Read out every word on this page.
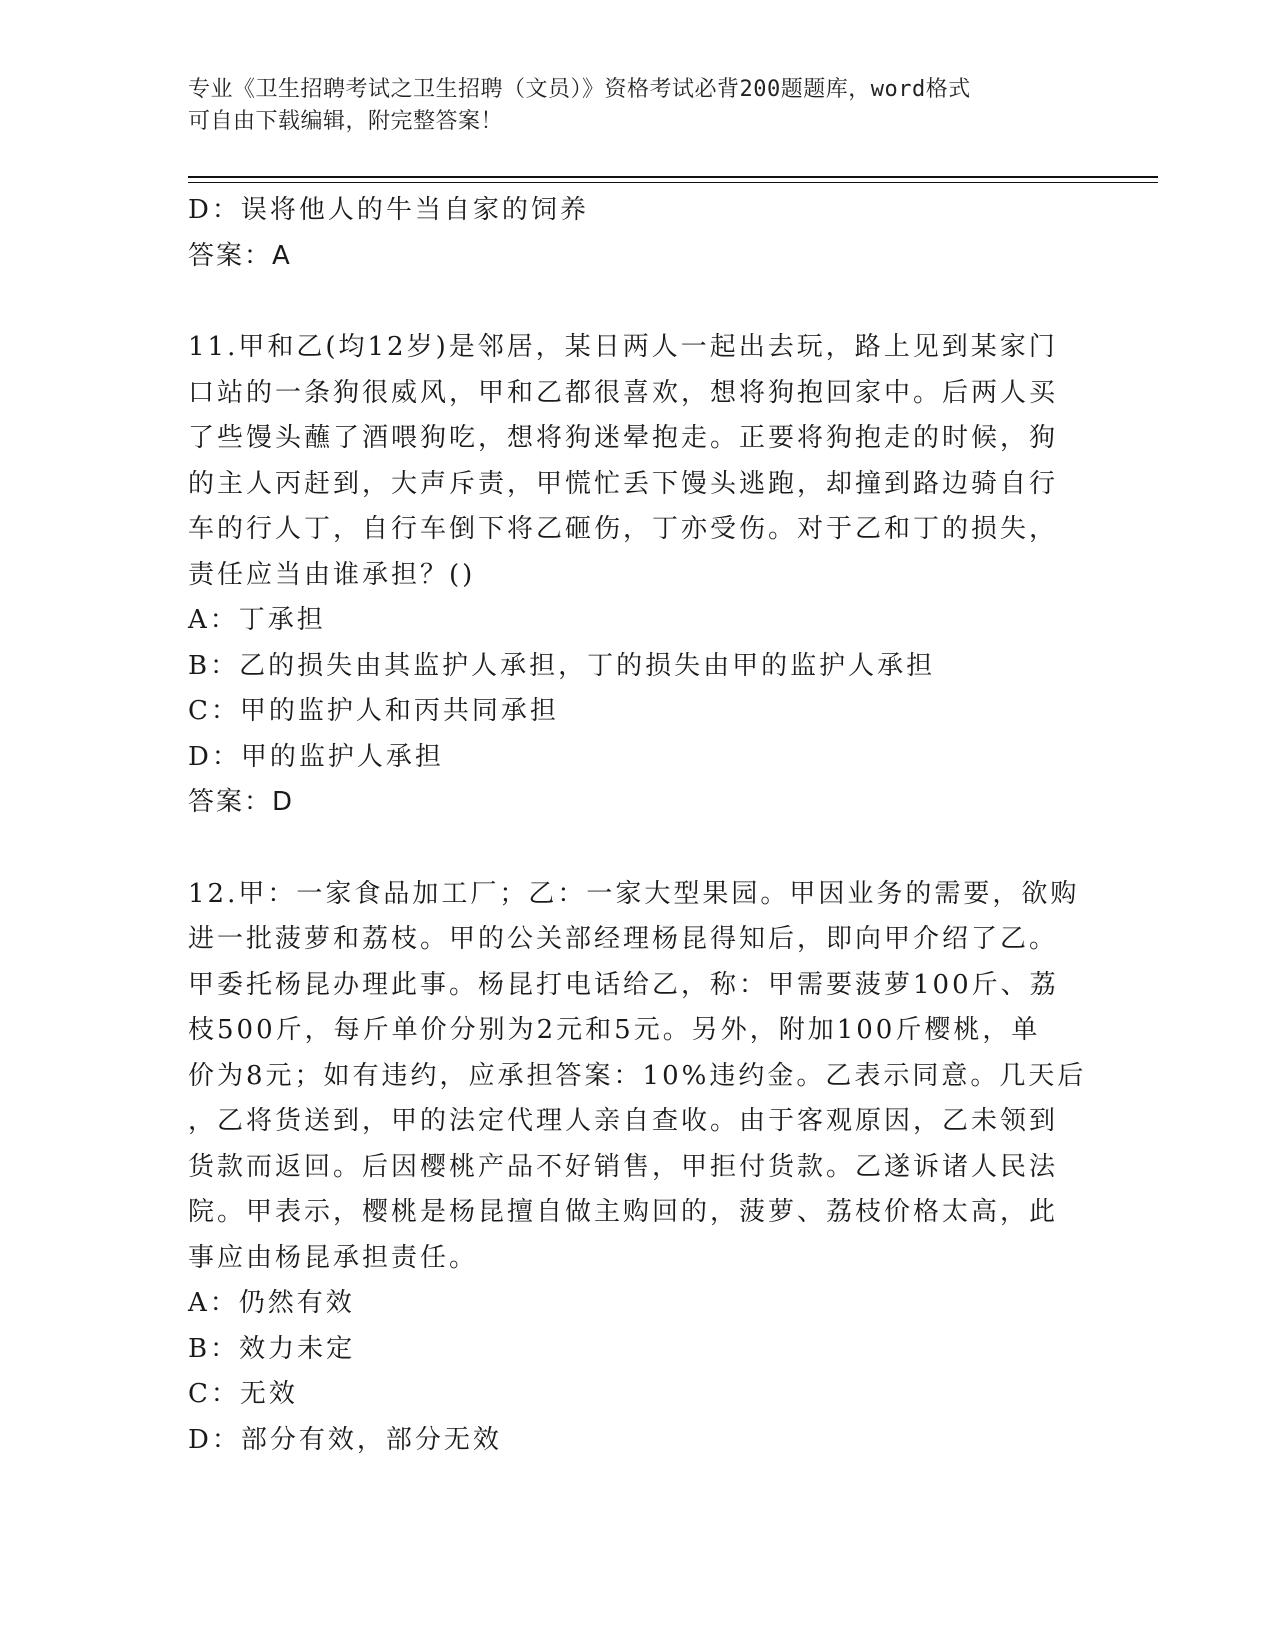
专业《卫生招聘考试之卫生招聘（文员）》资格考试必背200题题库，word格式
可自由下载编辑，附完整答案！
D：误将他人的牛当自家的饲养
答案：A
11.甲和乙(均12岁)是邻居，某日两人一起出去玩，路上见到某家门
口站的一条狗很威风，甲和乙都很喜欢，想将狗抱回家中。后两人买
了些馒头蘸了酒喂狗吃，想将狗迷晕抱走。正要将狗抱走的时候，狗
的主人丙赶到，大声斥责，甲慌忙丢下馒头逃跑，却撞到路边骑自行
车的行人丁，自行车倒下将乙砸伤，丁亦受伤。对于乙和丁的损失，
责任应当由谁承担？()
A：丁承担
B：乙的损失由其监护人承担，丁的损失由甲的监护人承担
C：甲的监护人和丙共同承担
D：甲的监护人承担
答案：D
12.甲：一家食品加工厂；乙：一家大型果园。甲因业务的需要，欲购
进一批菠萝和荔枝。甲的公关部经理杨昆得知后，即向甲介绍了乙。
甲委托杨昆办理此事。杨昆打电话给乙，称：甲需要菠萝100斤、荔
枝500斤，每斤单价分别为2元和5元。另外，附加100斤樱桃，单
价为8元；如有违约，应承担答案：10%违约金。乙表示同意。几天后
，乙将货送到，甲的法定代理人亲自查收。由于客观原因，乙未领到
货款而返回。后因樱桃产品不好销售，甲拒付货款。乙遂诉诸人民法
院。甲表示，樱桃是杨昆擅自做主购回的，菠萝、荔枝价格太高，此
事应由杨昆承担责任。
A：仍然有效
B：效力未定
C：无效
D：部分有效，部分无效
